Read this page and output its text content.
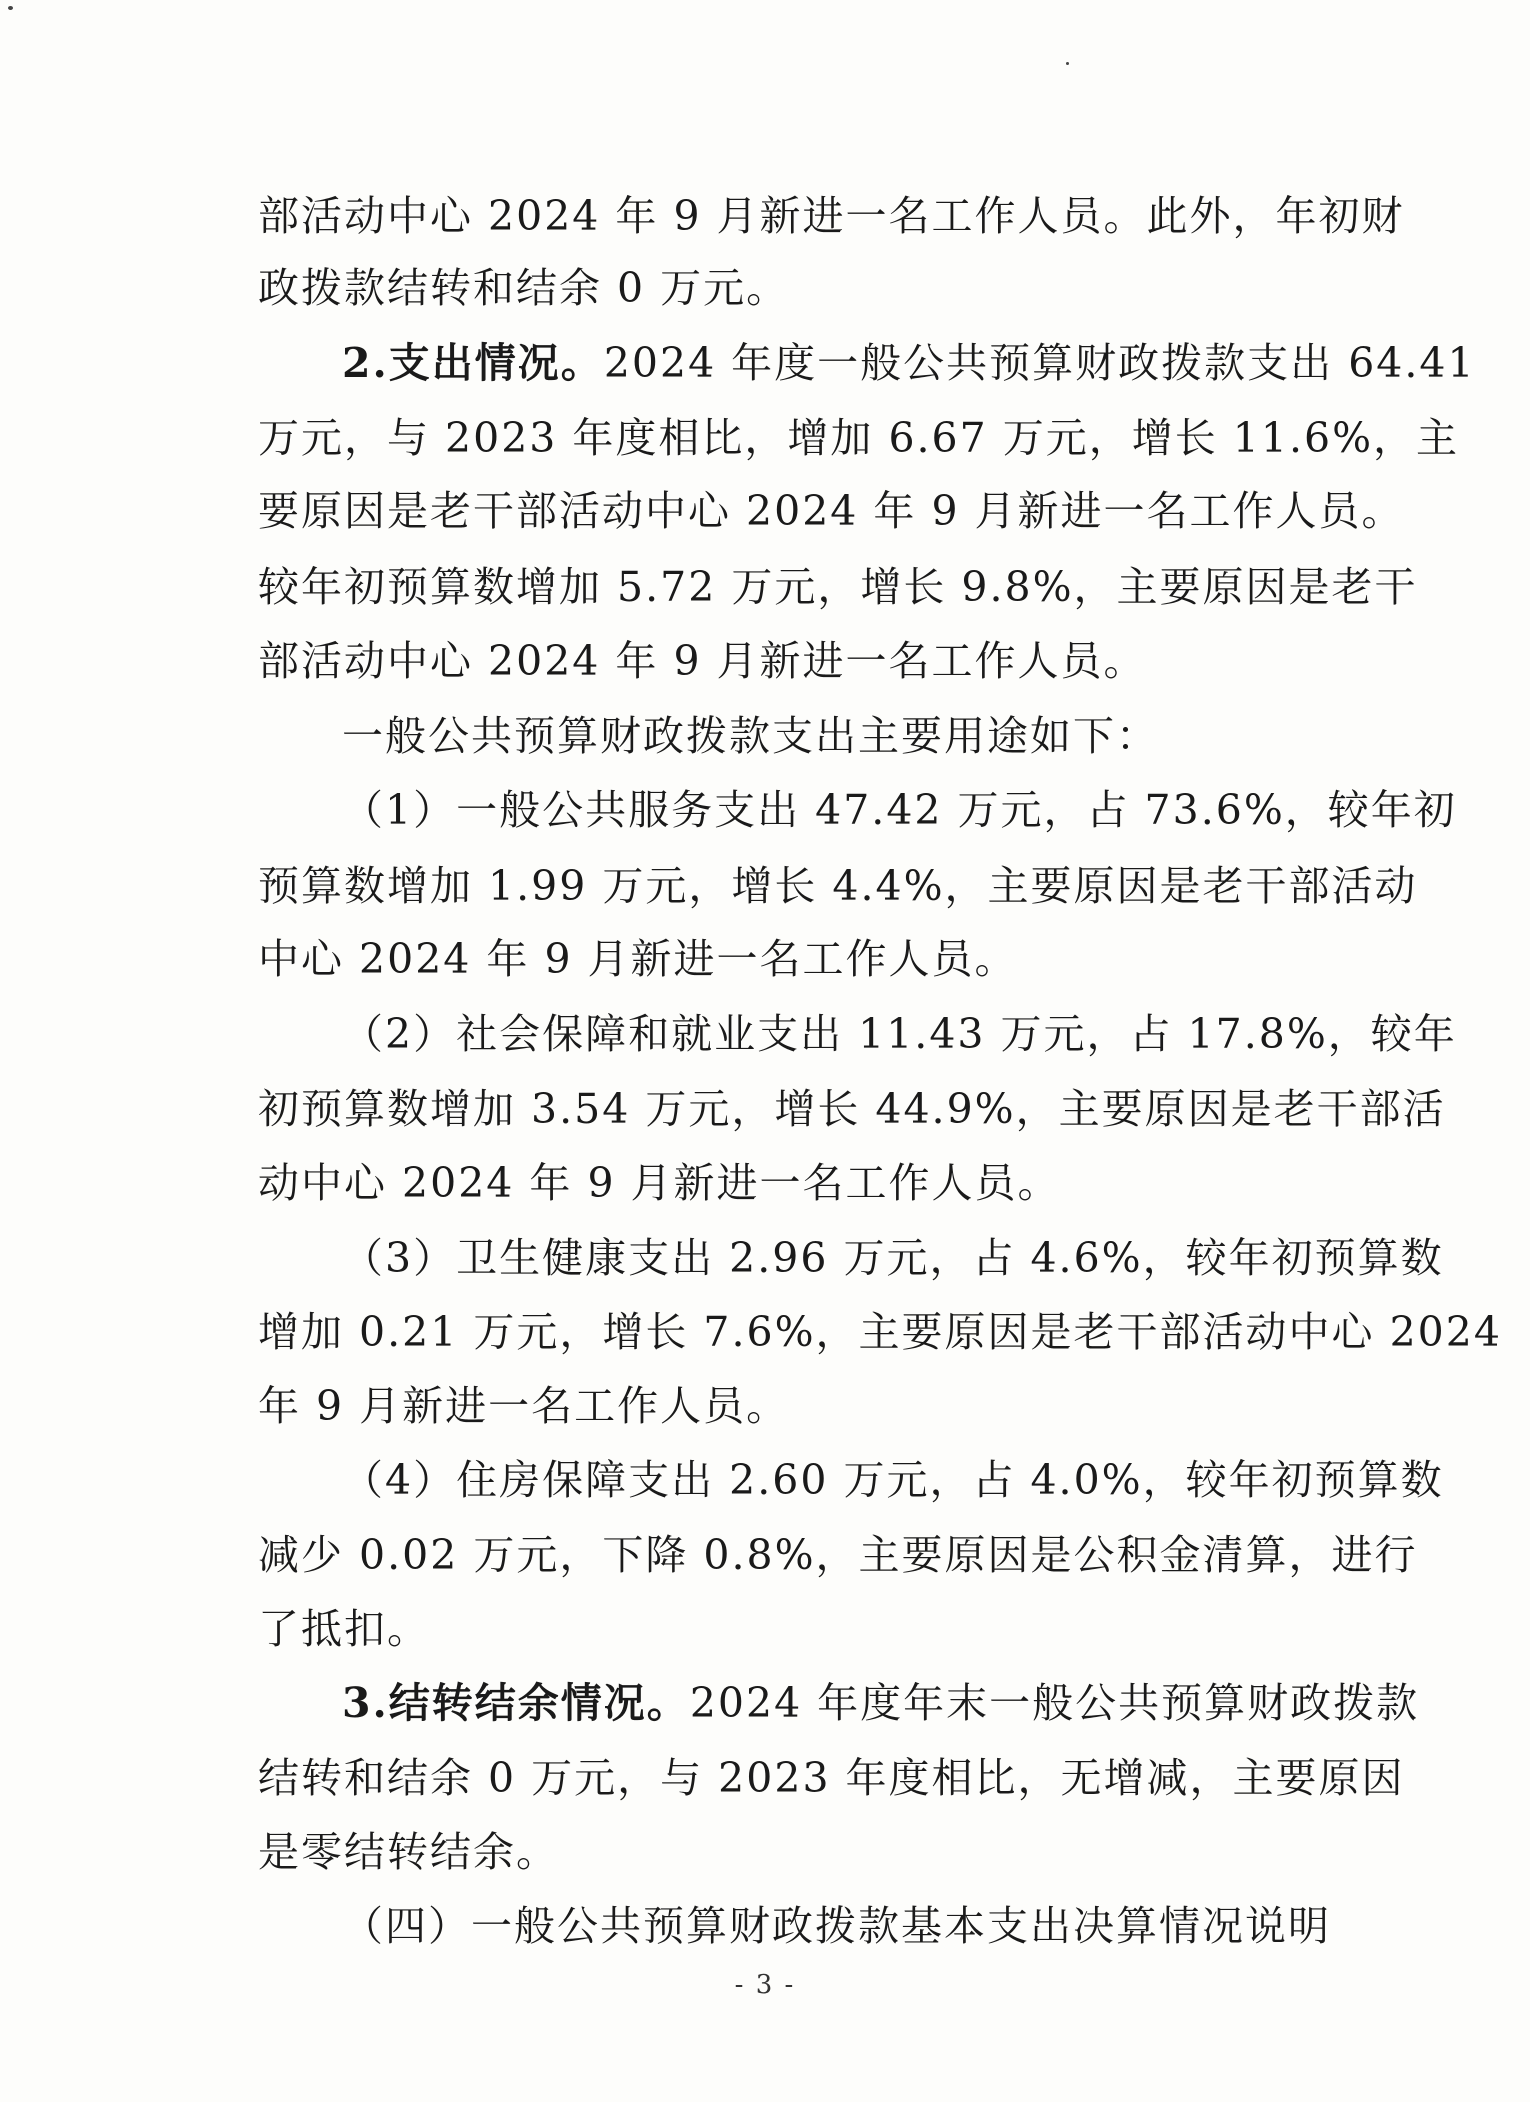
部活动中心 2024 年 9 月新进一名工作人员。此外，年初财
政拨款结转和结余 0 万元。
2.支出情况。2024 年度一般公共预算财政拨款支出 64.41
万元，与 2023 年度相比，增加 6.67 万元，增长 11.6%，主
要原因是老干部活动中心 2024 年 9 月新进一名工作人员。
较年初预算数增加 5.72 万元，增长 9.8%，主要原因是老干
部活动中心 2024 年 9 月新进一名工作人员。
一般公共预算财政拨款支出主要用途如下：
（1）一般公共服务支出 47.42 万元，占 73.6%，较年初
预算数增加 1.99 万元，增长 4.4%，主要原因是老干部活动
中心 2024 年 9 月新进一名工作人员。
（2）社会保障和就业支出 11.43 万元，占 17.8%，较年
初预算数增加 3.54 万元，增长 44.9%，主要原因是老干部活
动中心 2024 年 9 月新进一名工作人员。
（3）卫生健康支出 2.96 万元，占 4.6%，较年初预算数
增加 0.21 万元，增长 7.6%，主要原因是老干部活动中心 2024
年 9 月新进一名工作人员。
（4）住房保障支出 2.60 万元，占 4.0%，较年初预算数
减少 0.02 万元，下降 0.8%，主要原因是公积金清算，进行
了抵扣。
3.结转结余情况。2024 年度年末一般公共预算财政拨款
结转和结余 0 万元，与 2023 年度相比，无增减，主要原因
是零结转结余。
（四）一般公共预算财政拨款基本支出决算情况说明
- 3 -
